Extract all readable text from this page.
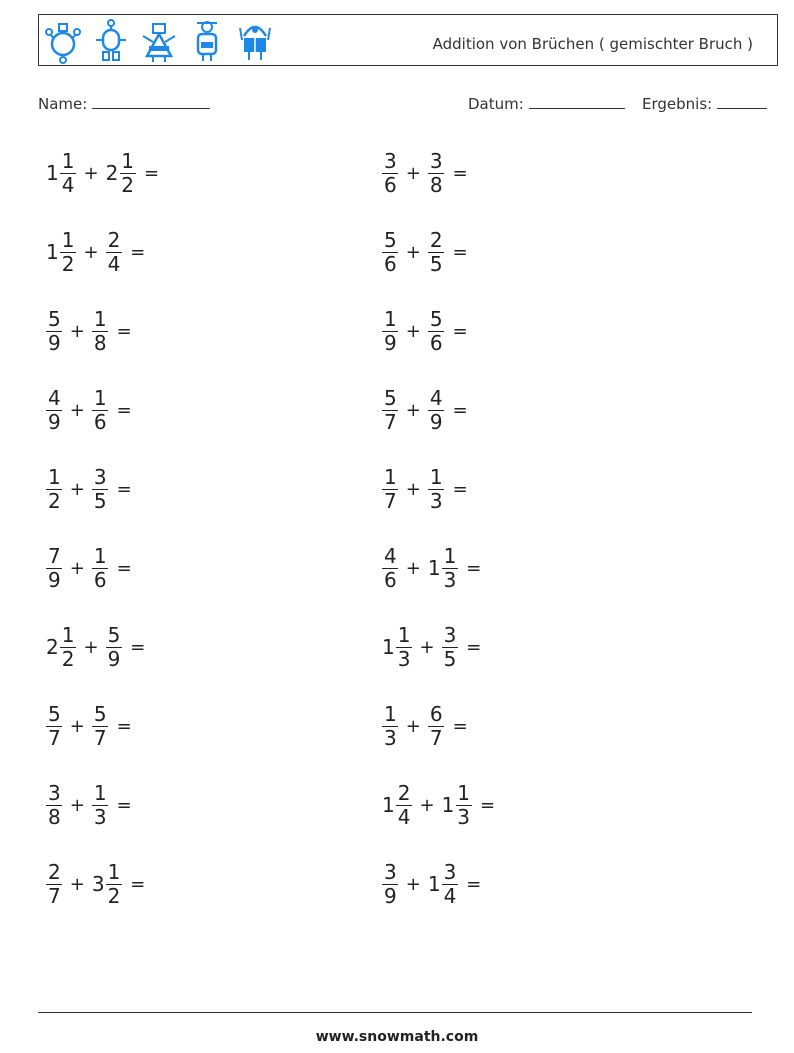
Addition von Brüchen ( gemischter Bruch )
Name:	Datum:	Ergebnis:
$1 \frac{1}{4} + 2 \frac{1}{2}$ =	$\frac{3}{6} + \frac{3}{8}$ =
$1 \frac{1}{2} + \frac{2}{4}$ =	$\frac{5}{6} + \frac{2}{5}$ =
$\frac{5}{9} + \frac{1}{8}$ =	$\frac{1}{9} + \frac{5}{6}$ =
$\frac{4}{9} + \frac{1}{6}$ =	$\frac{5}{7} + \frac{4}{9}$ =
$\frac{1}{2} + \frac{3}{5}$ =	$\frac{1}{7} + \frac{1}{3}$ =
$\frac{7}{9} + \frac{1}{6}$ =	$\frac{4}{6} + 1 \frac{1}{3}$ =
$2 \frac{1}{2} + \frac{5}{9}$ =	$1 \frac{1}{3} + \frac{3}{5}$ =
$\frac{5}{7} + \frac{5}{7}$ =	$\frac{1}{3} + \frac{6}{7}$ =
$\frac{3}{8} + \frac{1}{3}$ =	$1 \frac{2}{4} + 1 \frac{1}{3}$ =
$\frac{2}{7} + 3 \frac{1}{2}$ =	$\frac{3}{9} + 1 \frac{3}{4}$ =
www.snowmath.com
